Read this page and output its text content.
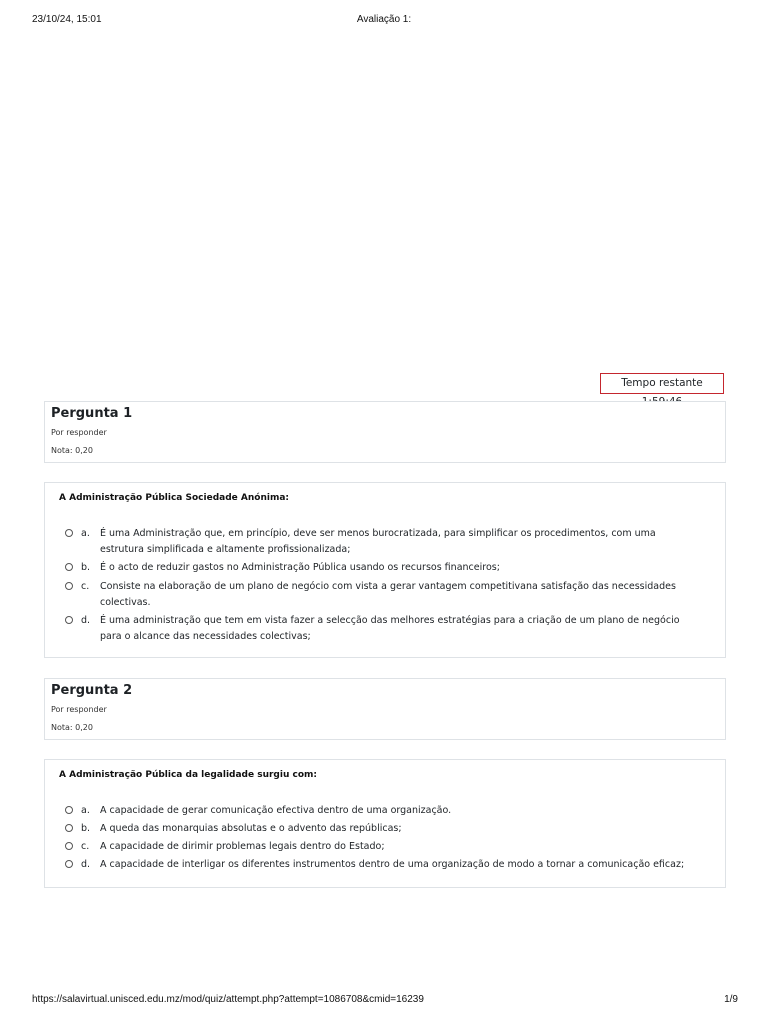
23/10/24, 15:01	Avaliação 1:
Tempo restante
Pergunta 1
Por responder
Nota: 0,20
A Administração Pública Sociedade Anónima:
a. É uma Administração que, em princípio, deve ser menos burocratizada, para simplificar os procedimentos, com uma estrutura simplificada e altamente profissionalizada;
b. É o acto de reduzir gastos no Administração Pública usando os recursos financeiros;
c. Consiste na elaboração de um plano de negócio com vista a gerar vantagem competitivana satisfação das necessidades colectivas.
d. É uma administração que tem em vista fazer a selecção das melhores estratégias para a criação de um plano de negócio para o alcance das necessidades colectivas;
Pergunta 2
Por responder
Nota: 0,20
A Administração Pública da legalidade surgiu com:
a. A capacidade de gerar comunicação efectiva dentro de uma organização.
b. A queda das monarquias absolutas e o advento das repúblicas;
c. A capacidade de dirimir problemas legais dentro do Estado;
d. A capacidade de interligar os diferentes instrumentos dentro de uma organização de modo a tornar a comunicação eficaz;
https://salavirtual.unisced.edu.mz/mod/quiz/attempt.php?attempt=1086708&cmid=16239	1/9
